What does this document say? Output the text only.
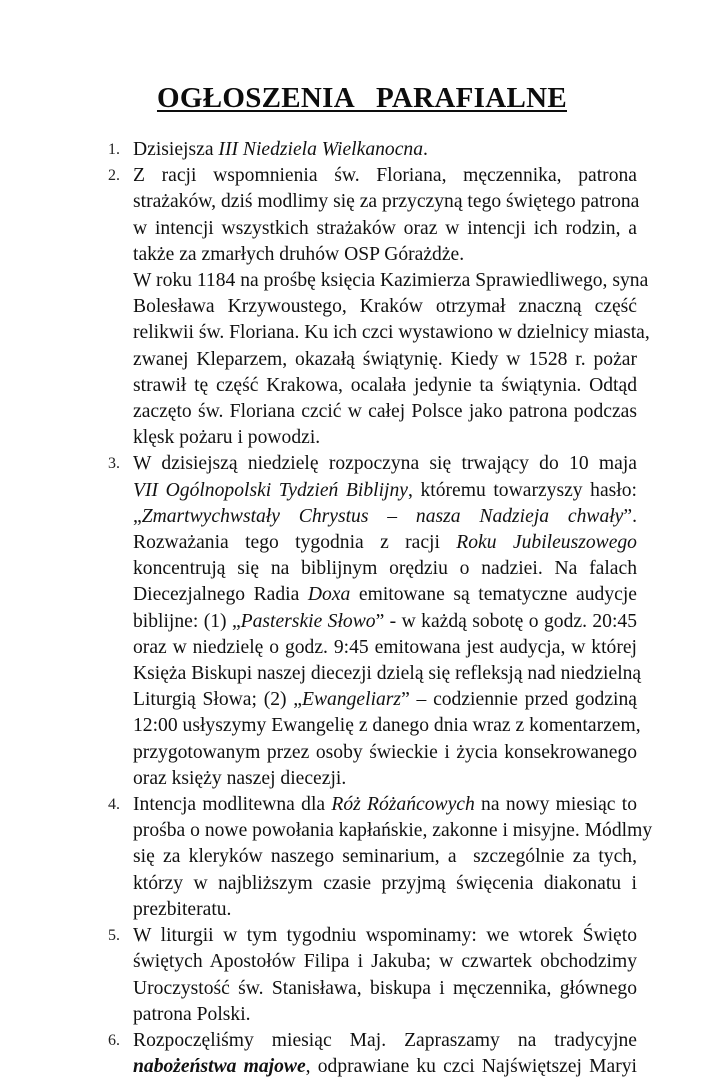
OGŁOSZENIA   PARAFIALNE
1. Dzisiejsza III Niedziela Wielkanocna.
2. Z racji wspomnienia św. Floriana, męczennika, patrona
strażaków, dziś modlimy się za przyczyną tego świętego patrona
w intencji wszystkich strażaków oraz w intencji ich rodzin, a
także za zmarłych druhów OSP Górażdże.
W roku 1184 na prośbę księcia Kazimierza Sprawiedliwego, syna
Bolesława Krzywoustego, Kraków otrzymał znaczną część
relikwii św. Floriana. Ku ich czci wystawiono w dzielnicy miasta,
zwanej Kleparzem, okazałą świątynię. Kiedy w 1528 r. pożar
strawił tę część Krakowa, ocalała jedynie ta świątynia. Odtąd
zaczęto św. Floriana czcić w całej Polsce jako patrona podczas
klęsk pożaru i powodzi.
3. W dzisiejszą niedzielę rozpoczyna się trwający do 10 maja
VII Ogólnopolski Tydzień Biblijny, któremu towarzyszy hasło:
„Zmartwychwstały Chrystus – nasza Nadzieja chwały”.
Rozważania tego tygodnia z racji Roku Jubileuszowego
koncentrują się na biblijnym orędziu o nadziei. Na falach
Diecezjalnego Radia Doxa emitowane są tematyczne audycje
biblijne: (1) „Pasterskie Słowo” - w każdą sobotę o godz. 20:45
oraz w niedzielę o godz. 9:45 emitowana jest audycja, w której
Księża Biskupi naszej diecezji dzielą się refleksją nad niedzielną
Liturgią Słowa; (2) „Ewangeliarz” – codziennie przed godziną
12:00 usłyszymy Ewangelię z danego dnia wraz z komentarzem,
przygotowanym przez osoby świeckie i życia konsekrowanego
oraz księży naszej diecezji.
4. Intencja modlitewna dla Róż Różańcowych na nowy miesiąc to
prośba o nowe powołania kapłańskie, zakonne i misyjne. Módlmy
się za kleryków naszego seminarium, a  szczególnie za tych,
którzy w najbliższym czasie przyjmą święcenia diakonatu i
prezbiteratu.
5. W liturgii w tym tygodniu wspominamy: we wtorek Święto
świętych Apostołów Filipa i Jakuba; w czwartek obchodzimy
Uroczystość św. Stanisława, biskupa i męczennika, głównego
patrona Polski.
6. Rozpoczęliśmy miesiąc Maj. Zapraszamy na tradycyjne
nabożeństwa majowe, odprawiane ku czci Najświętszej Maryi
